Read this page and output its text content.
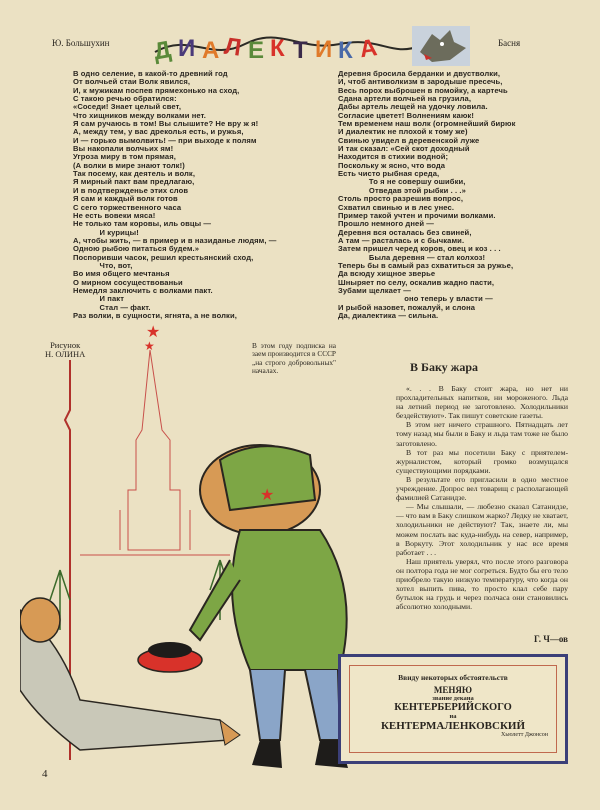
Ю. Большухин Д И А Л Е К Т И К А	Басня
В одно селение, в какой-то древний год
От волчьей стаи Волк явился,
И, к мужикам поспев прямехонько на сход,
С такою речью обратился:
«Соседи! Знает целый свет,
Что хищников между волками нет.
Я сам ручаюсь в том! Вы слышите? Не вру ж я!
А, между тем, у вас дреколья есть, и ружья,
И — горько вымолвить! — при выходе к полям
Вы накопали волчьих ям!
Угроза миру в том прямая,
(А волки в мире знают толк!)
Так посему, как деятель и волк,
Я мирный пакт вам предлагаю,
И в подтвержденье этих слов
Я сам и каждый волк готов
С сего торжественного часа
Не есть вовеки мяса!
Не только там коровы, иль овцы —
И курицы!
А, чтобы жить, — в пример и в назиданье людям, —
Одною рыбою питаться будем.»
Поспоривши часок, решил крестьянский сход,
Что, вот,
Во имя общего мечтанья
О мирном сосуществованьи
Немедля заключить с волками пакт.
И пакт
Стал — факт.
Раз волки, в сущности, ягнята, а не волки,
Деревня бросила берданки и двустволки,
И, чтоб антиволкизм в зародыше пресечь,
Весь порох выброшен в помойку, а картечь
Сдана артели волчьей на грузила,
Дабы артель лещей на удочку ловила.
Согласие цветет! Волнениям каюк!
Тем временем наш волк (огромнейший бирюк
И диалектик не плохой к тому же)
Свинью увидел в деревенской луже
И так сказал: «Сей скот доходный
Находится в стихии водной;
Поскольку ж ясно, что вода
Есть чисто рыбная среда,
То я не совершу ошибки,
Отведав этой рыбки . . .»
Столь просто разрешив вопрос,
Схватил свинью и в лес унес.
Пример такой учтен и прочими волками.
Прошло немного дней —
Деревня вся осталась без свиней,
А там — расталась и с бычками.
Затем пришел черед коров, овец и коз . . .
Была деревня — стал колхоз!
Теперь бы в самый раз схватиться за ружье,
Да всюду хищное зверье
Шныряет по селу, оскалив жадно пасти,
Зубами щелкает —
оно теперь у власти —
И рыбой назовет, пожалуй, и слона
Да, диалектика — сильна.
★
Рисунок
Н. ОЛИНА
В этом году подписка на заем производится в СССР „на строго добровольных" началах.
★
★
В Баку жара

«. . . В Баку стоит жара, но нет ни прохладительных напитков, ни мороженого. Льда на летний период не заготовлено. Холодильники бездействуют». Так пишут советские газеты.

В этом нет ничего страшного. Пятнадцать лет тому назад мы были в Баку и льда там тоже не было заготовлено.

В тот раз мы посетили Баку с приятелем-журналистом, который громко возмущался существующими порядками.

В результате его пригласили в одно местное учреждение. Допрос вел товарищ с располагающей фамилией Сатанидзе.

— Мы слышали, — любезно сказал Сатанидзе, — что вам в Баку слишком жарко? Ледку не хватает, холодильники не действуют? Так, знаете ли, мы можем послать вас куда-нибудь на север, например, в Воркуту. Этот холодильник у нас все время работает . . .

Наш приятель уверял, что после этого разговора он полтора года не мог согреться. Будто бы его тело приобрело такую низкую температуру, что когда он хотел выпить пива, то просто клал себе пару бутылок на грудь и через полчаса они становились абсолютно холодными.

Г. Ч—ов
Ввиду некоторых обстоятельств
МЕНЯЮ
звание декана
КЕНТЕРБЕРИЙСКОГО
на
КЕНТЕРМАЛЕНКОВСКИЙ
Хьюлетт Джонсон
4
